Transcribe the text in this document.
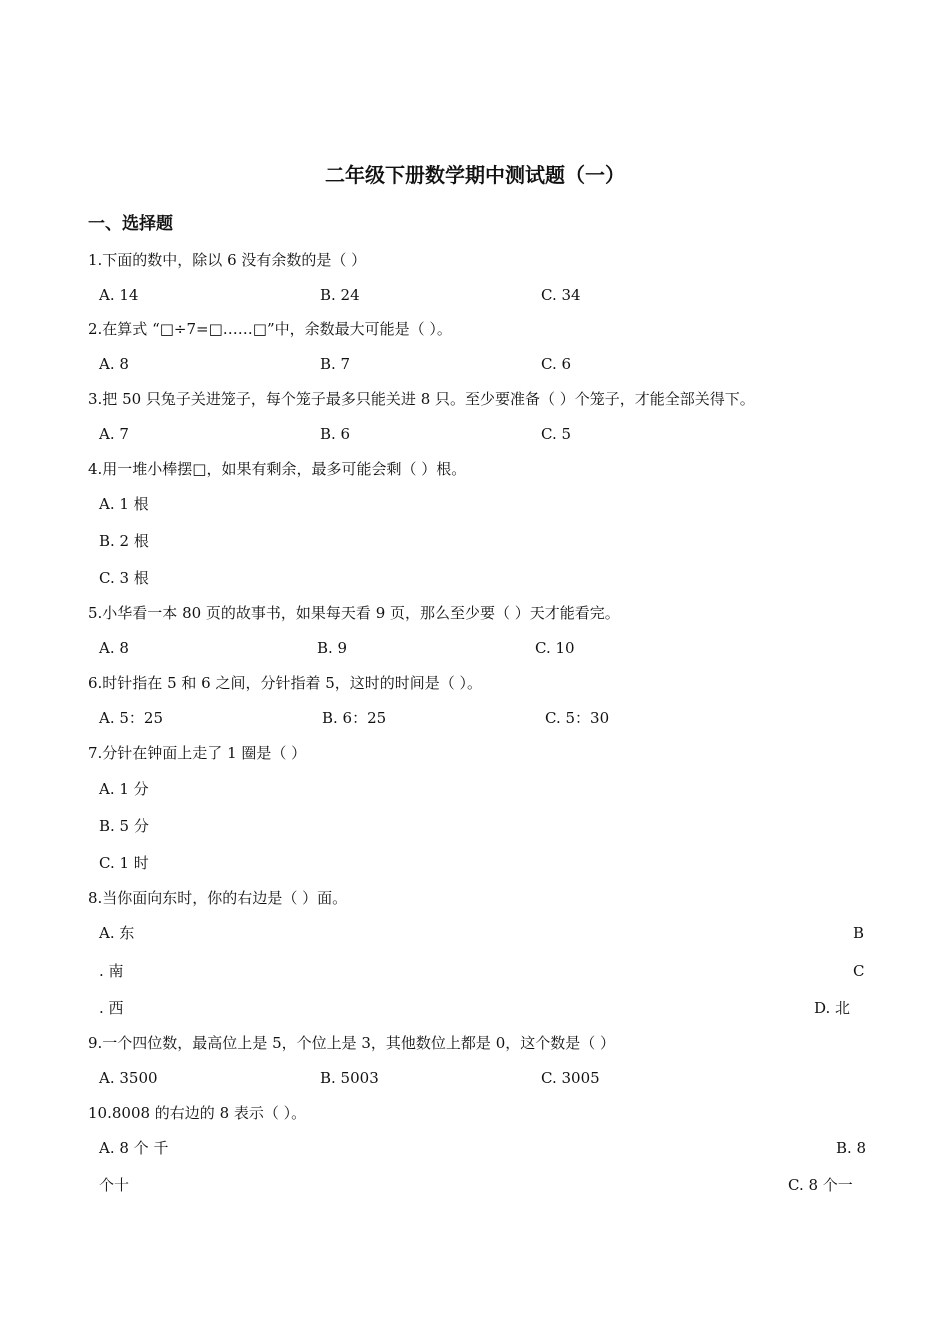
二年级下册数学期中测试题（一）
一、选择题
1.下面的数中，除以 6 没有余数的是（ ）
A. 14	B. 24	C. 34
2.在算式 “□÷7=□……□”中，余数最大可能是（ ）。
A. 8	B. 7	C. 6
3.把 50 只兔子关进笼子，每个笼子最多只能关进 8 只。至少要准备（ ）个笼子，才能全部关得下。
A. 7	B. 6	C. 5
4.用一堆小棒摆□，如果有剩余，最多可能会剩（ ）根。
A. 1 根
B. 2 根
C. 3 根
5.小华看一本 80 页的故事书，如果每天看 9 页，那么至少要（ ）天才能看完。
A. 8	B. 9	C. 10
6.时针指在 5 和 6 之间，分针指着 5，这时的时间是（ ）。
A. 5：25	B. 6：25	C. 5：30
7.分针在钟面上走了 1 圈是（ ）
A. 1 分
B. 5 分
C. 1 时
8.当你面向东时，你的右边是（ ）面。
A. 东	B
. 南	C
. 西	D. 北
9.一个四位数，最高位上是 5，个位上是 3，其他数位上都是 0，这个数是（ ）
A. 3500	B. 5003	C. 3005
10.8008 的右边的 8 表示（ ）。
A. 8 个 千	B. 8
个十	C. 8 个一
